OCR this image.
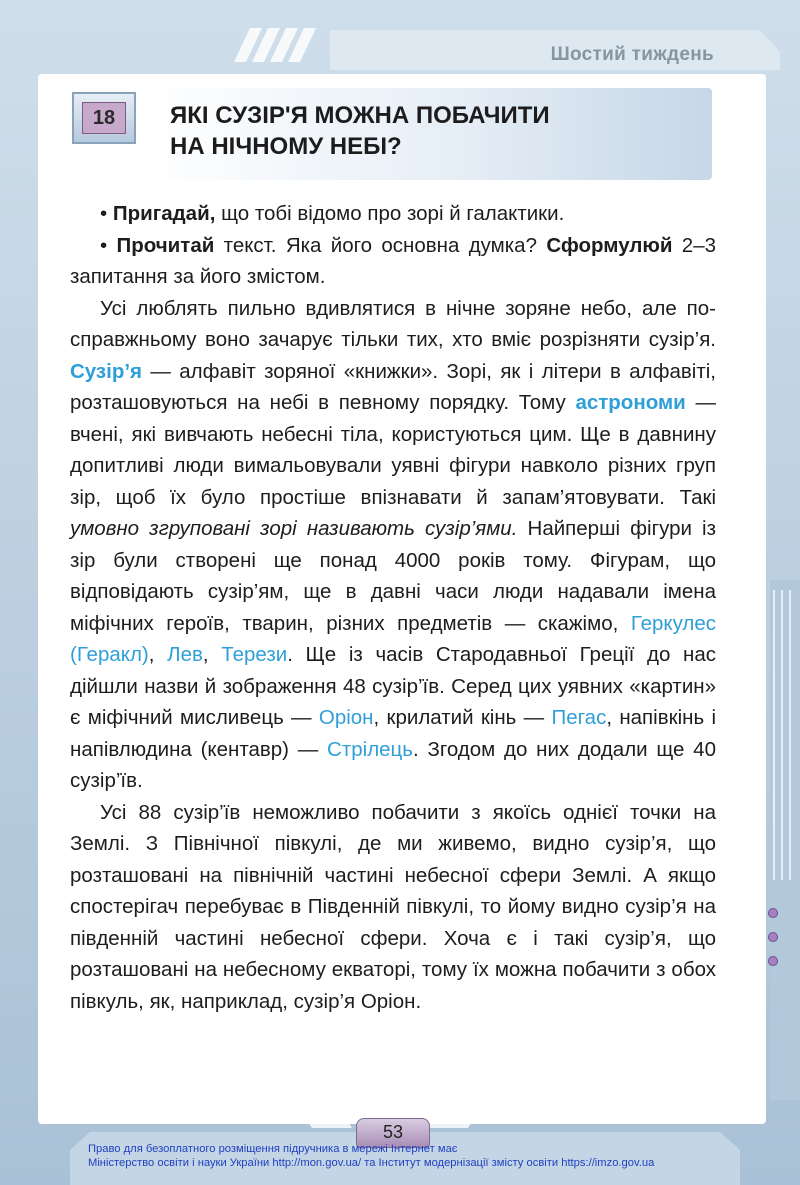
Шостий тиждень
18	ЯКІ СУЗІР'Я МОЖНА ПОБАЧИТИ
НА НІЧНОМУ НЕБІ?

• Пригадай, що тобі відомо про зорі й галактики.

• Прочитай текст. Яка його основна думка? Сформулюй 2–3 запитання за його змістом.

Усі люблять пильно вдивлятися в нічне зоряне небо, але по-справжньому воно зачарує тільки тих, хто вміє розрізняти сузір’я. Сузір’я — алфавіт зоряної «книжки». Зорі, як і літери в алфавіті, розташовуються на небі в певному порядку. Тому астрономи — вчені, які вивчають небесні тіла, користуються цим. Ще в давнину допитливі люди вимальовували уявні фігури навколо різних груп зір, щоб їх було простіше впізнавати й запам’ятовувати. Такі умовно згруповані зорі називають сузір’ями. Найперші фігури із зір були створені ще понад 4000 років тому. Фігурам, що відповідають сузір’ям, ще в давні часи люди надавали імена міфічних героїв, тварин, різних предметів — скажімо, Геркулес (Геракл), Лев, Терези. Ще із часів Стародавньої Греції до нас дійшли назви й зображення 48 сузір’їв. Серед цих уявних «картин» є міфічний мисливець — Оріон, крилатий кінь — Пегас, напівкінь і напівлюдина (кентавр) — Стрілець. Згодом до них додали ще 40 сузір’їв.

Усі 88 сузір’їв неможливо побачити з якоїсь однієї точки на Землі. З Північної півкулі, де ми живемо, видно сузір’я, що розташовані на північній частині небесної сфери Землі. А якщо спостерігач перебуває в Південній півкулі, то йому видно сузір’я на південній частині небесної сфери. Хоча є і такі сузір’я, що розташовані на небесному екваторі, тому їх можна побачити з обох півкуль, як, наприклад, сузір’я Оріон.

53
Право для безоплатного розміщення підручника в мережі Інтернет має
Міністерство освіти і науки України http://mon.gov.ua/ та Інститут модернізації змісту освіти https://imzo.gov.ua
